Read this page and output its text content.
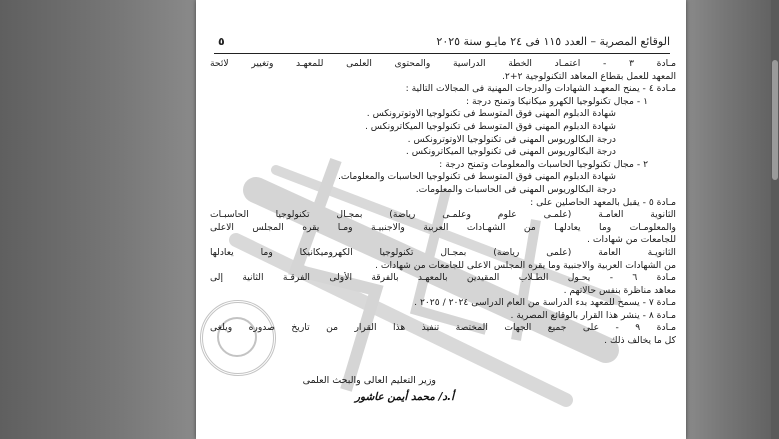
الوقائع المصرية – العدد ١١٥ فى ٢٤ مايـو سنة ٢٠٢٥
٥
مـادة ٣ - اعتمـاد الخطة الدراسية والمحتوى العلمى للمعهـد وتغيير لائحة
المعهد للعمل بقطاع المعاهد التكنولوجية ٢+٢.
مـادة ٤ - يمنح المعهـد الشهادات والدرجات المهنية فى المجالات التالية :
١ - مجال تكنولوجيا الكهرو ميكانيكا وتمنح درجة :
شهادة الدبلوم المهنى فوق المتوسط فى تكنولوجيا الاوتوترونكس .
شهادة الدبلوم المهنى فوق المتوسط فى تكنولوجيا الميكاترونكس .
درجة البكالوريوس المهنى فى تكنولوجيا الاوتوترونكس .
درجة البكالوريوس المهنى فى تكنولوجيا الميكاترونكس .
٢ - مجال تكنولوجيا الحاسبات والمعلومات وتمنح درجة :
شهادة الدبلوم المهنى فوق المتوسط فى تكنولوجيا الحاسبات والمعلومات.
درجة البكالوريوس المهنى فى الحاسبات والمعلومات.
مـادة ٥ - يقبل بالمعهد الحاصلين على :
الثانوية العامـة (علمـى علوم وعلمـى رياضة) بمجـال تكنولوجيا الحاسبـات
والمعلومـات وما يعادلهـا من الشهـادات العربية والاجنبيـة ومـا يقره المجلس الاعلى
للجامعات من شهادات .
الثانويـة العامة (علمى رياضة) بمجـال تكنولوجيا الكهروميكانيكا وما يعادلها
من الشهادات العربية والاجنبية وما يقره المجلس الاعلى للجامعات من شهادات .
مـادة ٦ - يحـول الطـلاب المقيدين بالمعهـد بالفرقة الأولى الفرقـة الثانية إلى
معاهد مناظرة بنفس حالاتهم .
مـادة ٧ - يسمح للمعهد بدء الدراسة من العام الدراسى ٢٠٢٤ / ٢٠٢٥ .
مـادة ٨ - ينشر هذا القرار بالوقائع المصرية .
مـادة ٩ - على جميع الجهات المختصة تنفيذ هذا القرار من تاريخ صدوره ويلغى
كل ما يخالف ذلك .
وزير التعليم العالى والبحث العلمى
أ.د/ محمد أيمن عاشور
